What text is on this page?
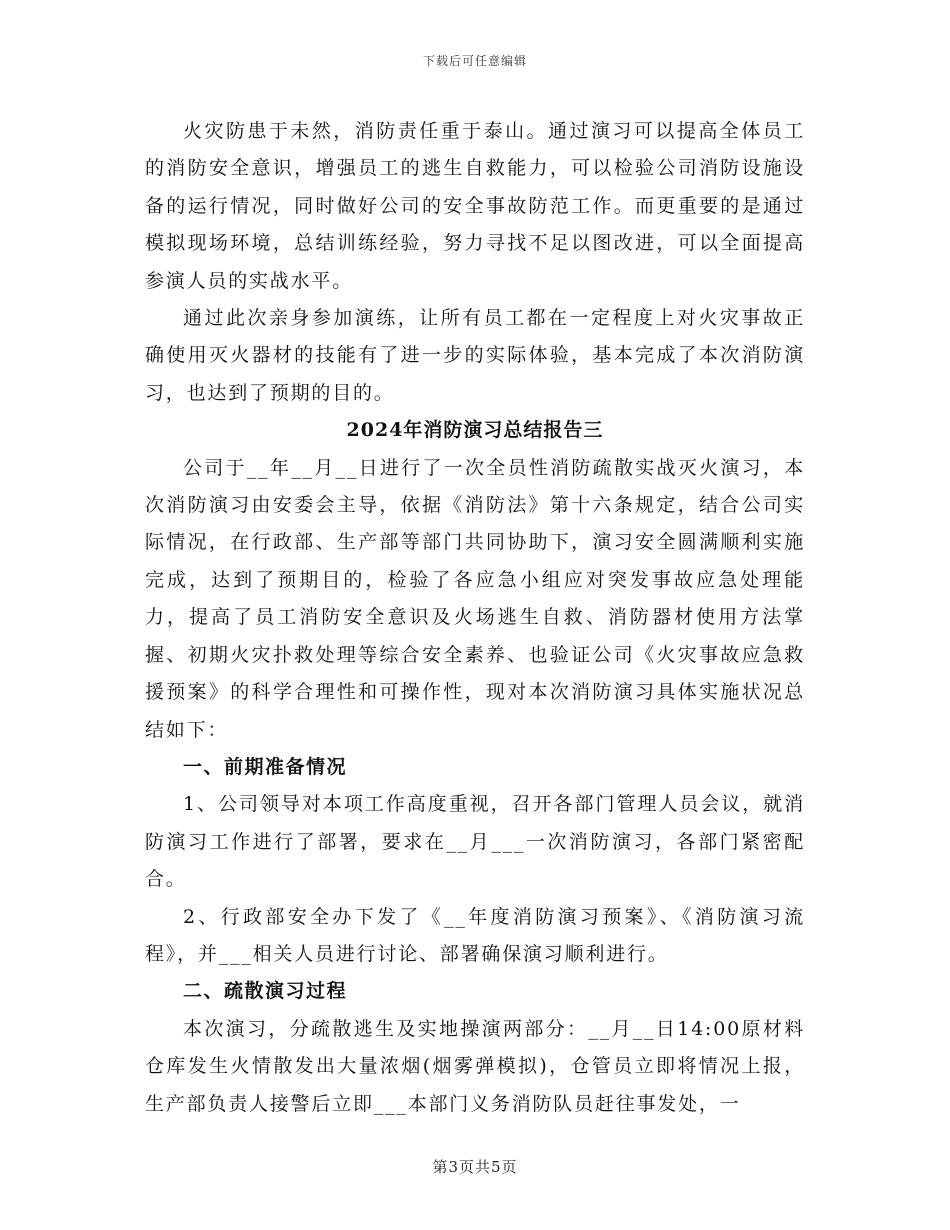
下载后可任意编辑

火灾防患于未然，消防责任重于泰山。通过演习可以提高全体员工的消防安全意识，增强员工的逃生自救能力，可以检验公司消防设施设备的运行情况，同时做好公司的安全事故防范工作。而更重要的是通过模拟现场环境，总结训练经验，努力寻找不足以图改进，可以全面提高参演人员的实战水平。

通过此次亲身参加演练，让所有员工都在一定程度上对火灾事故正确使用灭火器材的技能有了进一步的实际体验，基本完成了本次消防演习，也达到了预期的目的。

2024年消防演习总结报告三

公司于__年__月__日进行了一次全员性消防疏散实战灭火演习，本次消防演习由安委会主导，依据《消防法》第十六条规定，结合公司实际情况，在行政部、生产部等部门共同协助下，演习安全圆满顺利实施完成，达到了预期目的，检验了各应急小组应对突发事故应急处理能力，提高了员工消防安全意识及火场逃生自救、消防器材使用方法掌握、初期火灾扑救处理等综合安全素养、也验证公司《火灾事故应急救援预案》的科学合理性和可操作性，现对本次消防演习具体实施状况总结如下：

一、前期准备情况

1、公司领导对本项工作高度重视，召开各部门管理人员会议，就消防演习工作进行了部署，要求在__月___一次消防演习，各部门紧密配合。

2、行政部安全办下发了《__年度消防演习预案》、《消防演习流程》，并___相关人员进行讨论、部署确保演习顺利进行。

二、疏散演习过程

本次演习，分疏散逃生及实地操演两部分：__月__日14:00原材料仓库发生火情散发出大量浓烟(烟雾弹模拟)，仓管员立即将情况上报，生产部负责人接警后立即___本部门义务消防队员赶往事发处，一

第3页共5页
